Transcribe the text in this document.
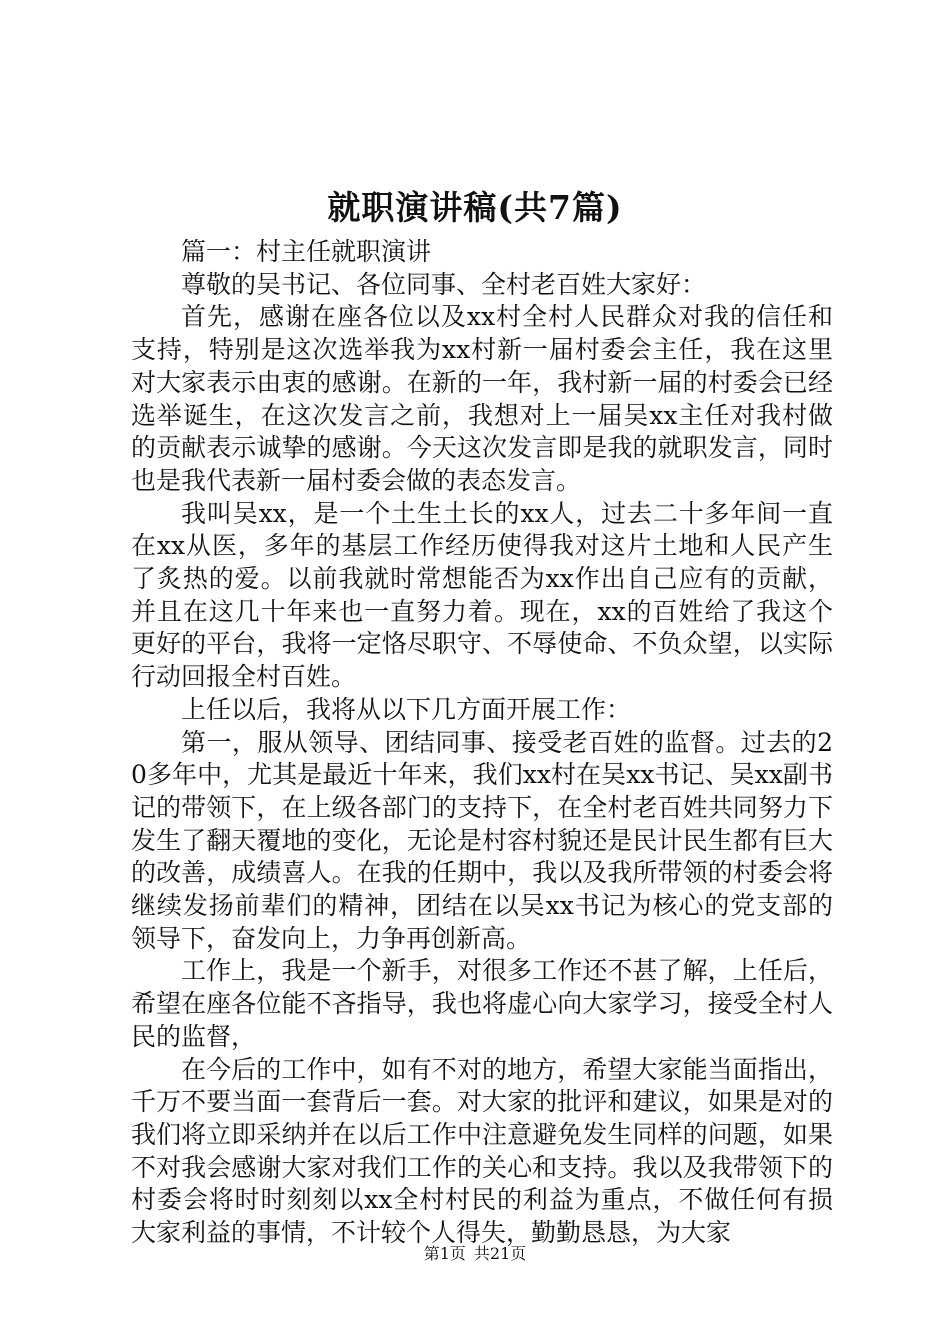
就职演讲稿(共7篇)

篇一：村主任就职演讲

尊敬的吴书记、各位同事、全村老百姓大家好：

首先，感谢在座各位以及xx村全村人民群众对我的信任和支持，特别是这次选举我为xx村新一届村委会主任，我在这里对大家表示由衷的感谢。在新的一年，我村新一届的村委会已经选举诞生，在这次发言之前，我想对上一届吴xx主任对我村做的贡献表示诚挚的感谢。今天这次发言即是我的就职发言，同时也是我代表新一届村委会做的表态发言。

我叫吴xx，是一个土生土长的xx人，过去二十多年间一直在xx从医，多年的基层工作经历使得我对这片土地和人民产生了炙热的爱。以前我就时常想能否为xx作出自己应有的贡献，并且在这几十年来也一直努力着。现在，xx的百姓给了我这个更好的平台，我将一定恪尽职守、不辱使命、不负众望，以实际行动回报全村百姓。

上任以后，我将从以下几方面开展工作：

第一，服从领导、团结同事、接受老百姓的监督。过去的20多年中，尤其是最近十年来，我们xx村在吴xx书记、吴xx副书记的带领下，在上级各部门的支持下，在全村老百姓共同努力下发生了翻天覆地的变化，无论是村容村貌还是民计民生都有巨大的改善，成绩喜人。在我的任期中，我以及我所带领的村委会将继续发扬前辈们的精神，团结在以吴xx书记为核心的党支部的领导下，奋发向上，力争再创新高。

工作上，我是一个新手，对很多工作还不甚了解，上任后，希望在座各位能不吝指导，我也将虚心向大家学习，接受全村人民的监督，

在今后的工作中，如有不对的地方，希望大家能当面指出，千万不要当面一套背后一套。对大家的批评和建议，如果是对的我们将立即采纳并在以后工作中注意避免发生同样的问题，如果不对我会感谢大家对我们工作的关心和支持。我以及我带领下的村委会将时时刻刻以xx全村村民的利益为重点，不做任何有损大家利益的事情，不计较个人得失，勤勤恳恳，为大家

第1页 共21页
